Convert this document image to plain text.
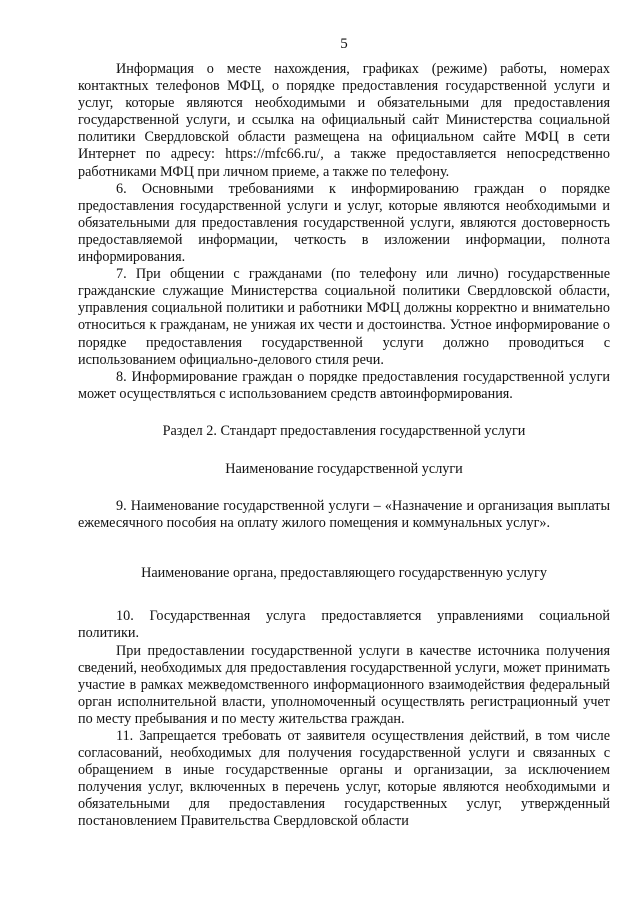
5

Информация о месте нахождения, графиках (режиме) работы, номерах контактных телефонов МФЦ, о порядке предоставления государственной услуги и услуг, которые являются необходимыми и обязательными для предоставления государственной услуги, и ссылка на официальный сайт Министерства социальной политики Свердловской области размещена на официальном сайте МФЦ в сети Интернет по адресу: https://mfc66.ru/, а также предоставляется непосредственно работниками МФЦ при личном приеме, а также по телефону.

6. Основными требованиями к информированию граждан о порядке предоставления государственной услуги и услуг, которые являются необходимыми и обязательными для предоставления государственной услуги, являются достоверность предоставляемой информации, четкость в изложении информации, полнота информирования.

7. При общении с гражданами (по телефону или лично) государственные гражданские служащие Министерства социальной политики Свердловской области, управления социальной политики и работники МФЦ должны корректно и внимательно относиться к гражданам, не унижая их чести и достоинства. Устное информирование о порядке предоставления государственной услуги должно проводиться с использованием официально-делового стиля речи.

8. Информирование граждан о порядке предоставления государственной услуги может осуществляться с использованием средств автоинформирования.

Раздел 2. Стандарт предоставления государственной услуги
Наименование государственной услуги

9. Наименование государственной услуги – «Назначение и организация выплаты ежемесячного пособия на оплату жилого помещения и коммунальных услуг».

Наименование органа, предоставляющего государственную услугу

10. Государственная услуга предоставляется управлениями социальной политики.

При предоставлении государственной услуги в качестве источника получения сведений, необходимых для предоставления государственной услуги, может принимать участие в рамках межведомственного информационного взаимодействия федеральный орган исполнительной власти, уполномоченный осуществлять регистрационный учет по месту пребывания и по месту жительства граждан.

11. Запрещается требовать от заявителя осуществления действий, в том числе согласований, необходимых для получения государственной услуги и связанных с обращением в иные государственные органы и организации, за исключением получения услуг, включенных в перечень услуг, которые являются необходимыми и обязательными для предоставления государственных услуг, утвержденный постановлением Правительства Свердловской области
